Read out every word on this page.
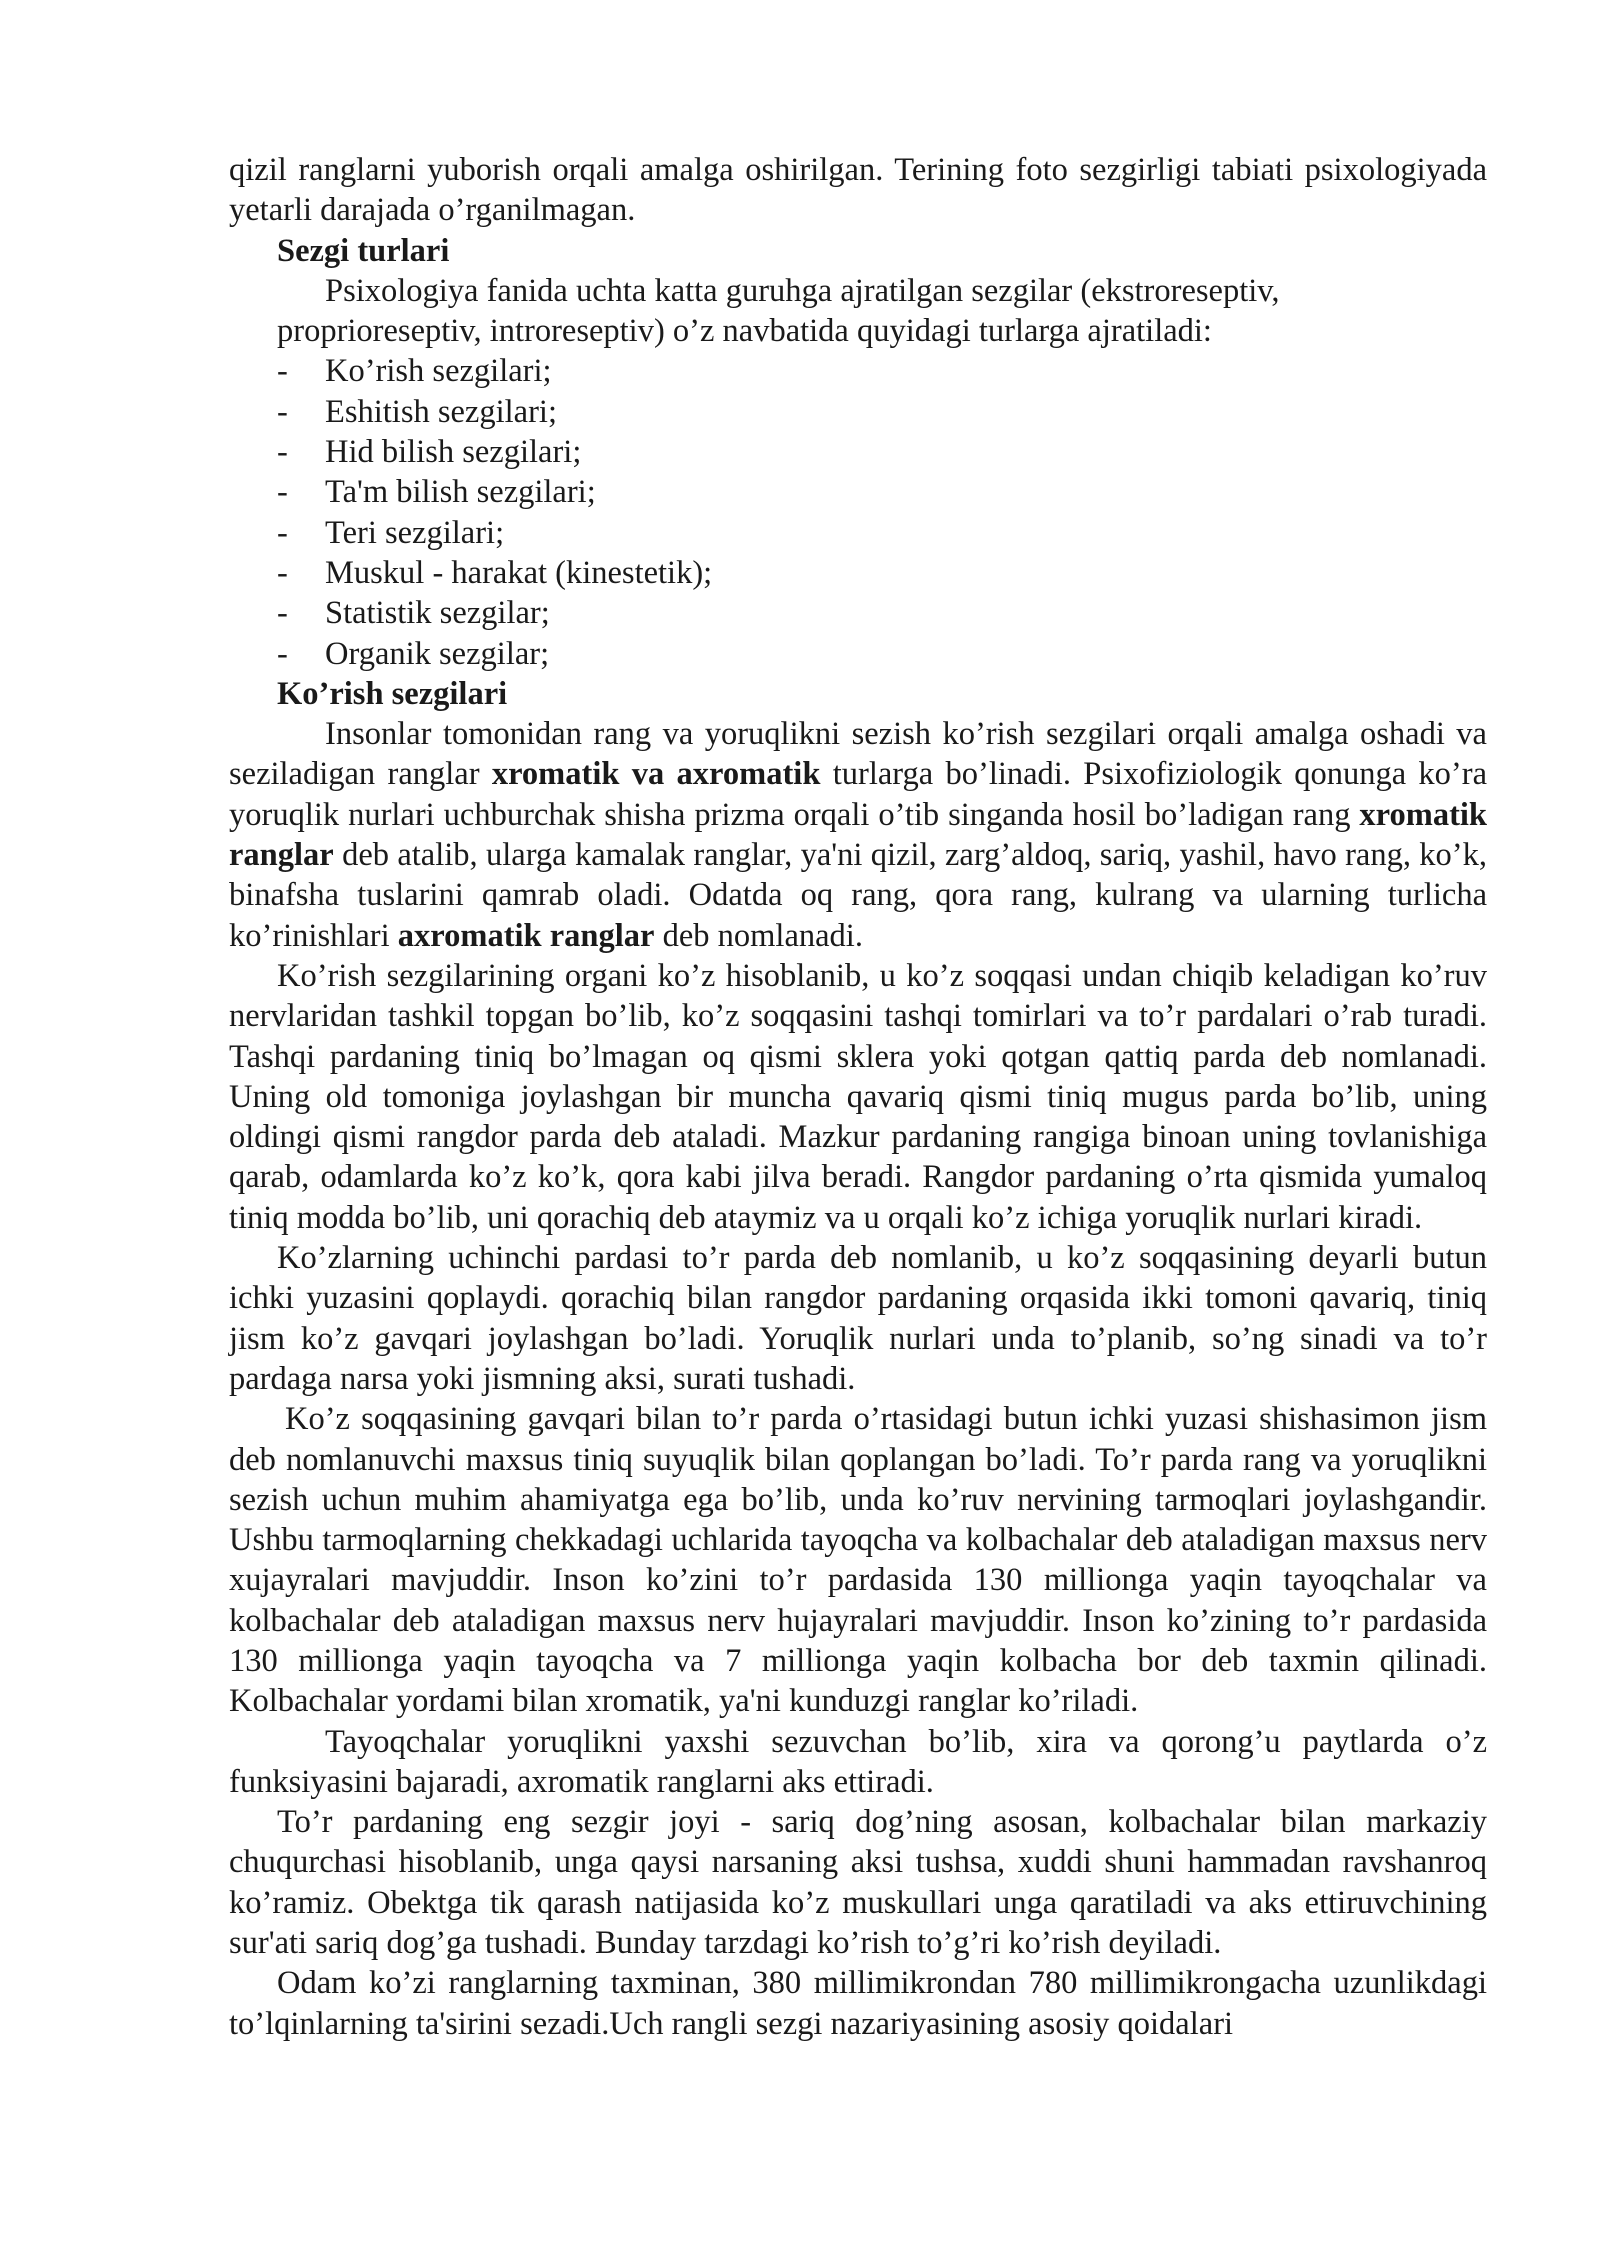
qizil ranglarni yuborish orqali amalga oshirilgan. Terining foto sezgirligi tabiati psixologiyada yetarli darajada o’rganilmagan.

Sezgi turlari

Psixologiya fanida uchta katta guruhga ajratilgan sezgilar (ekstroreseptiv,

proprioreseptiv, introreseptiv) o’z navbatida quyidagi turlarga ajratiladi:

- Ko’rish sezgilari;
- Eshitish sezgilari;
- Hid bilish sezgilari;
- Ta'm bilish sezgilari;
- Teri sezgilari;
- Muskul - harakat (kinestetik);
- Statistik sezgilar;
- Organik sezgilar;
Ko’rish sezgilari

Insonlar tomonidan rang va yoruqlikni sezish ko’rish sezgilari orqali amalga oshadi va seziladigan ranglar xromatik va axromatik turlarga bo’linadi. Psixofiziologik qonunga ko’ra yoruqlik nurlari uchburchak shisha prizma orqali o’tib singanda hosil bo’ladigan rang xromatik ranglar deb atalib, ularga kamalak ranglar, ya'ni qizil, zarg’aldoq, sariq, yashil, havo rang, ko’k, binafsha tuslarini qamrab oladi. Odatda oq rang, qora rang, kulrang va ularning turlicha ko’rinishlari axromatik ranglar deb nomlanadi.

Ko’rish sezgilarining organi ko’z hisoblanib, u ko’z soqqasi undan chiqib keladigan ko’ruv nervlaridan tashkil topgan bo’lib, ko’z soqqasini tashqi tomirlari va to’r pardalari o’rab turadi. Tashqi pardaning tiniq bo’lmagan oq qismi sklera yoki qotgan qattiq parda deb nomlanadi. Uning old tomoniga joylashgan bir muncha qavariq qismi tiniq mugus parda bo’lib, uning oldingi qismi rangdor parda deb ataladi. Mazkur pardaning rangiga binoan uning tovlanishiga qarab, odamlarda ko’z ko’k, qora kabi jilva beradi. Rangdor pardaning o’rta qismida yumaloq tiniq modda bo’lib, uni qorachiq deb ataymiz va u orqali ko’z ichiga yoruqlik nurlari kiradi.

Ko’zlarning uchinchi pardasi to’r parda deb nomlanib, u ko’z soqqasining deyarli butun ichki yuzasini qoplaydi. qorachiq bilan rangdor pardaning orqasida ikki tomoni qavariq, tiniq jism ko’z gavqari joylashgan bo’ladi. Yoruqlik nurlari unda to’planib, so’ng sinadi va to’r pardaga narsa yoki jismning aksi, surati tushadi.

Ko’z soqqasining gavqari bilan to’r parda o’rtasidagi butun ichki yuzasi shishasimon jism deb nomlanuvchi maxsus tiniq suyuqlik bilan qoplangan bo’ladi. To’r parda rang va yoruqlikni sezish uchun muhim ahamiyatga ega bo’lib, unda ko’ruv nervining tarmoqlari joylashgandir. Ushbu tarmoqlarning chekkadagi uchlarida tayoqcha va kolbachalar deb ataladigan maxsus nerv xujayralari mavjuddir. Inson ko’zini to’r pardasida 130 millionga yaqin tayoqchalar va kolbachalar deb ataladigan maxsus nerv hujayralari mavjuddir. Inson ko’zining to’r pardasida 130 millionga yaqin tayoqcha va 7 millionga yaqin kolbacha bor deb taxmin qilinadi. Kolbachalar yordami bilan xromatik, ya'ni kunduzgi ranglar ko’riladi.

Tayoqchalar yoruqlikni yaxshi sezuvchan bo’lib, xira va qorong’u paytlarda o’z funksiyasini bajaradi, axromatik ranglarni aks ettiradi.

To’r pardaning eng sezgir joyi - sariq dog’ning asosan, kolbachalar bilan markaziy chuqurchasi hisoblanib, unga qaysi narsaning aksi tushsa, xuddi shuni hammadan ravshanroq ko’ramiz. Obektga tik qarash natijasida ko’z muskullari unga qaratiladi va aks ettiruvchining sur'ati sariq dog’ga tushadi. Bunday tarzdagi ko’rish to’g’ri ko’rish deyiladi.

Odam ko’zi ranglarning taxminan, 380 millimikrondan 780 millimikrongacha uzunlikdagi to’lqinlarning ta'sirini sezadi.Uch rangli sezgi nazariyasining asosiy qoidalari
